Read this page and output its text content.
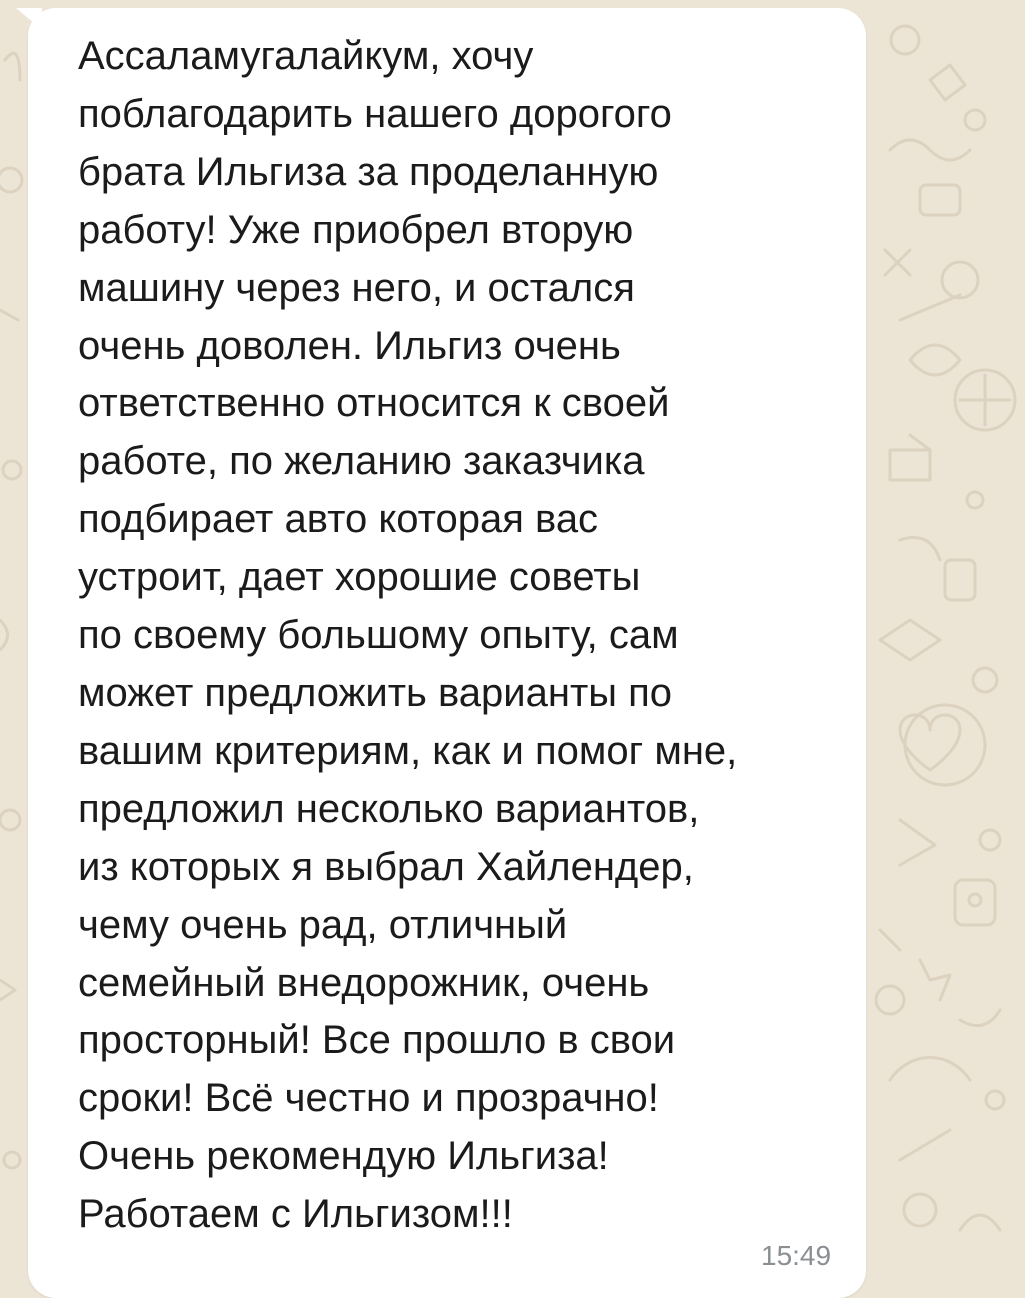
Ассаламугалайкум, хочу
поблагодарить нашего дорогого
брата Ильгиза за проделанную
работу! Уже приобрел вторую
машину через него, и остался
очень доволен. Ильгиз очень
ответственно относится к своей
работе, по желанию заказчика
подбирает авто которая вас
устроит, дает хорошие советы
по своему большому опыту, сам
может предложить варианты по
вашим критериям, как и помог мне,
предложил несколько вариантов,
из которых я выбрал Хайлендер,
чему очень рад, отличный
семейный внедорожник, очень
просторный! Все прошло в свои
сроки! Всё честно и прозрачно!
Очень рекомендую Ильгиза!
Работаем с Ильгизом!!!

15:49
